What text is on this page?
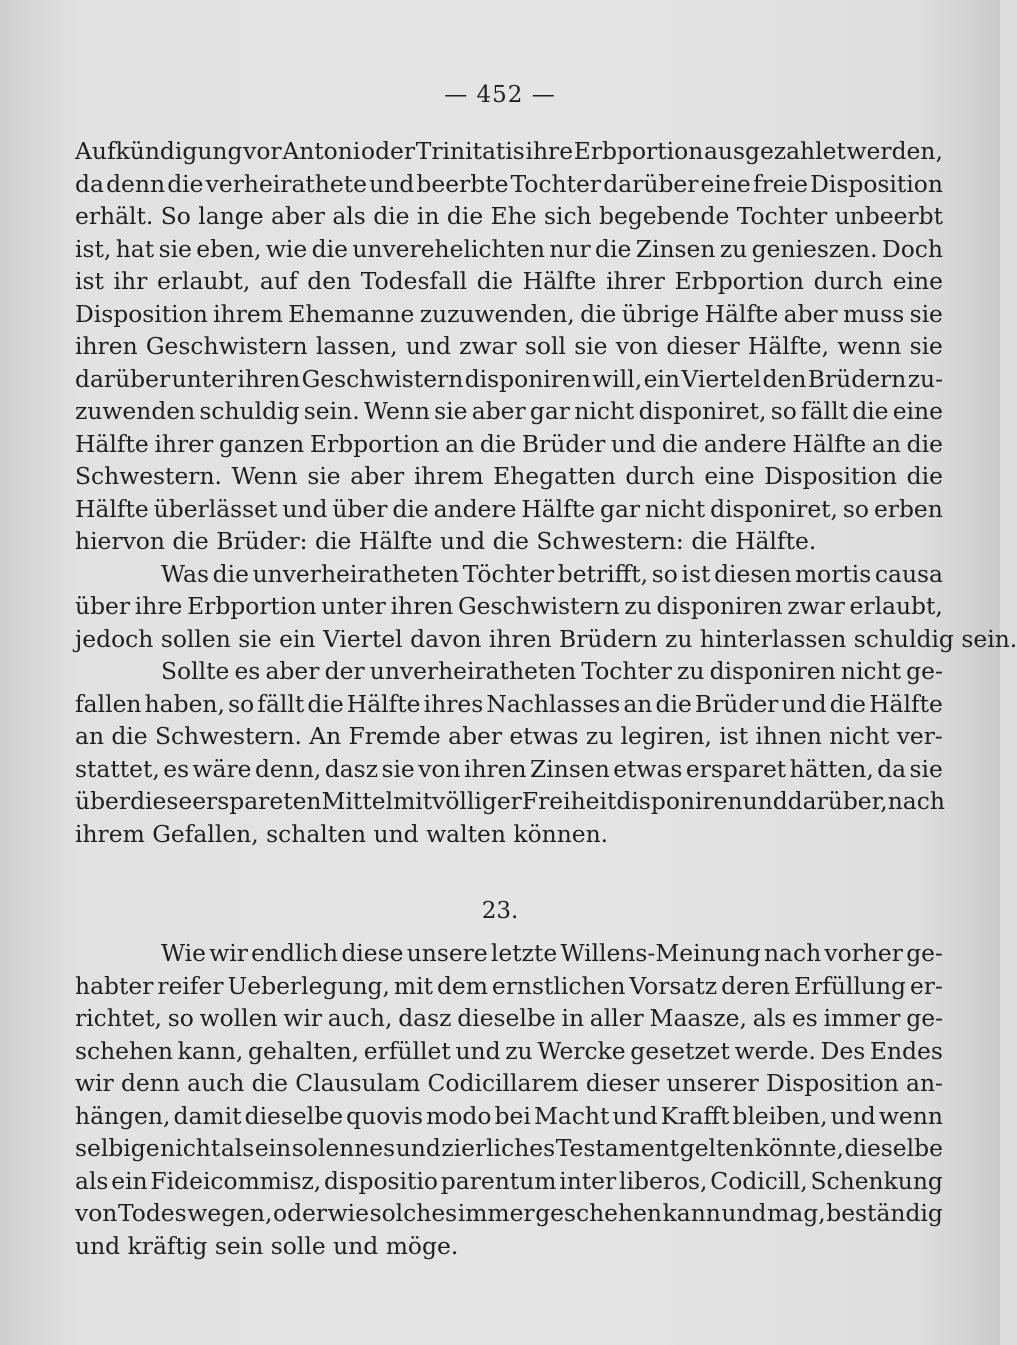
— 452 —
Aufkündigung vor Antoni oder Trinitatis ihre Erbportion ausgezahlet werden,
da denn die verheirathete und beerbte Tochter darüber eine freie Disposition
erhält. So lange aber als die in die Ehe sich begebende Tochter unbeerbt
ist, hat sie eben, wie die unverehelichten nur die Zinsen zu genieszen. Doch
ist ihr erlaubt, auf den Todesfall die Hälfte ihrer Erbportion durch eine
Disposition ihrem Ehemanne zuzuwenden, die übrige Hälfte aber muss sie
ihren Geschwistern lassen, und zwar soll sie von dieser Hälfte, wenn sie
darüber unter ihren Geschwistern disponiren will, ein Viertel den Brüdern zu-
zuwenden schuldig sein. Wenn sie aber gar nicht disponiret, so fällt die eine
Hälfte ihrer ganzen Erbportion an die Brüder und die andere Hälfte an die
Schwestern. Wenn sie aber ihrem Ehegatten durch eine Disposition die
Hälfte überlässet und über die andere Hälfte gar nicht disponiret, so erben
hiervon die Brüder: die Hälfte und die Schwestern: die Hälfte.
Was die unverheiratheten Töchter betrifft, so ist diesen mortis causa
über ihre Erbportion unter ihren Geschwistern zu disponiren zwar erlaubt,
jedoch sollen sie ein Viertel davon ihren Brüdern zu hinterlassen schuldig sein.
Sollte es aber der unverheiratheten Tochter zu disponiren nicht ge-
fallen haben, so fällt die Hälfte ihres Nachlasses an die Brüder und die Hälfte
an die Schwestern. An Fremde aber etwas zu legiren, ist ihnen nicht ver-
stattet, es wäre denn, dasz sie von ihren Zinsen etwas ersparet hätten, da sie
über diese erspareten Mittel mit völliger Freiheit disponiren und darüber, nach
ihrem Gefallen, schalten und walten können.
23.
Wie wir endlich diese unsere letzte Willens-Meinung nach vorher ge-
habter reifer Ueberlegung, mit dem ernstlichen Vorsatz deren Erfüllung er-
richtet, so wollen wir auch, dasz dieselbe in aller Maasze, als es immer ge-
schehen kann, gehalten, erfüllet und zu Wercke gesetzet werde. Des Endes
wir denn auch die Clausulam Codicillarem dieser unserer Disposition an-
hängen, damit dieselbe quovis modo bei Macht und Krafft bleiben, und wenn
selbige nicht als ein solennes und zierliches Testament gelten könnte, dieselbe
als ein Fideicommisz, dispositio parentum inter liberos, Codicill, Schenkung
von Todes wegen, oder wie solches immer geschehen kann und mag, beständig
und kräftig sein solle und möge.
